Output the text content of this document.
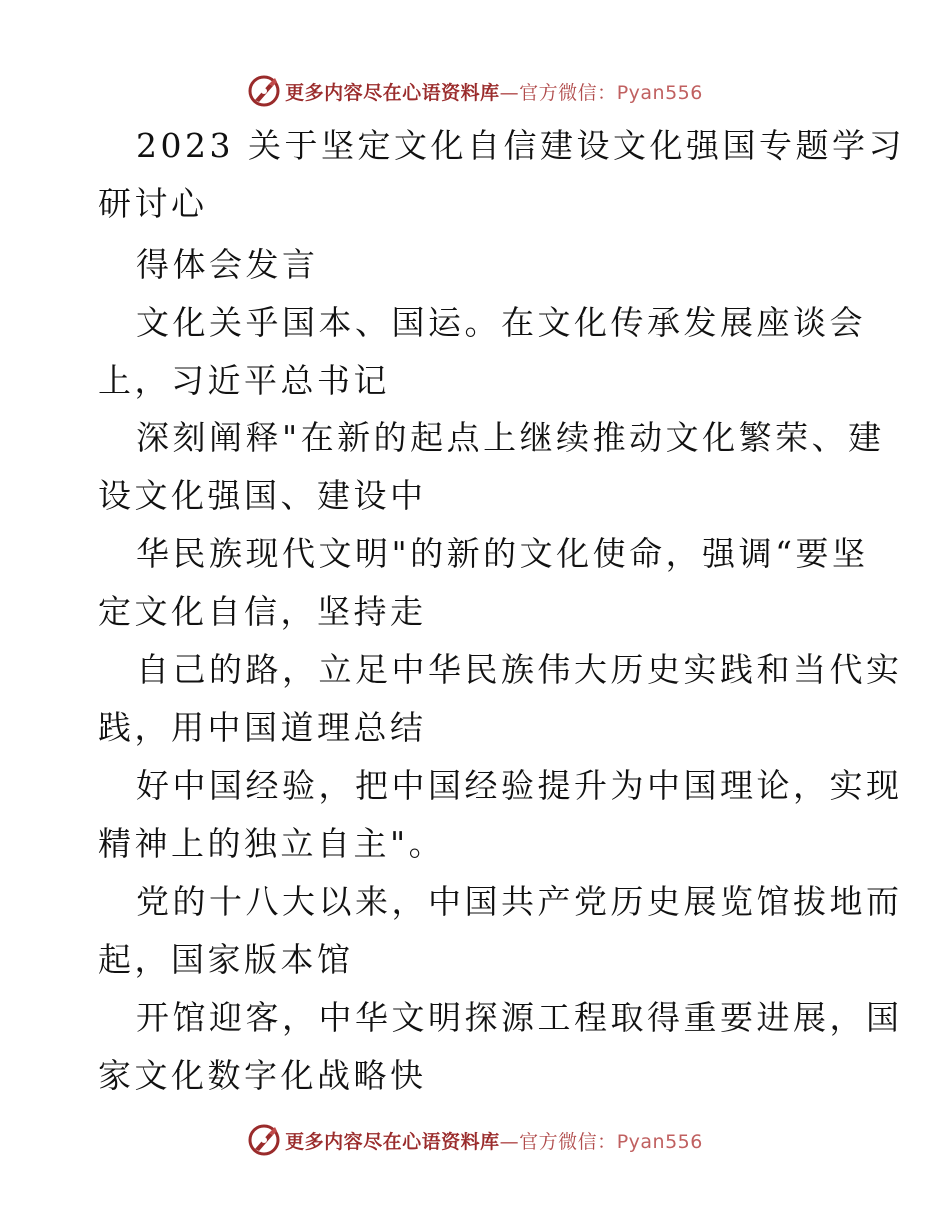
更多内容尽在心语资料库—官方微信：Pyan556
2023 关于坚定文化自信建设文化强国专题学习
研讨心
得体会发言
文化关乎国本、国运。在文化传承发展座谈会
上，习近平总书记
深刻阐释"在新的起点上继续推动文化繁荣、建
设文化强国、建设中
华民族现代文明"的新的文化使命，强调“要坚
定文化自信，坚持走
自己的路，立足中华民族伟大历史实践和当代实
践，用中国道理总结
好中国经验，把中国经验提升为中国理论，实现
精神上的独立自主"。
党的十八大以来，中国共产党历史展览馆拔地而
起，国家版本馆
开馆迎客，中华文明探源工程取得重要进展，国
家文化数字化战略快
更多内容尽在心语资料库—官方微信：Pyan556
